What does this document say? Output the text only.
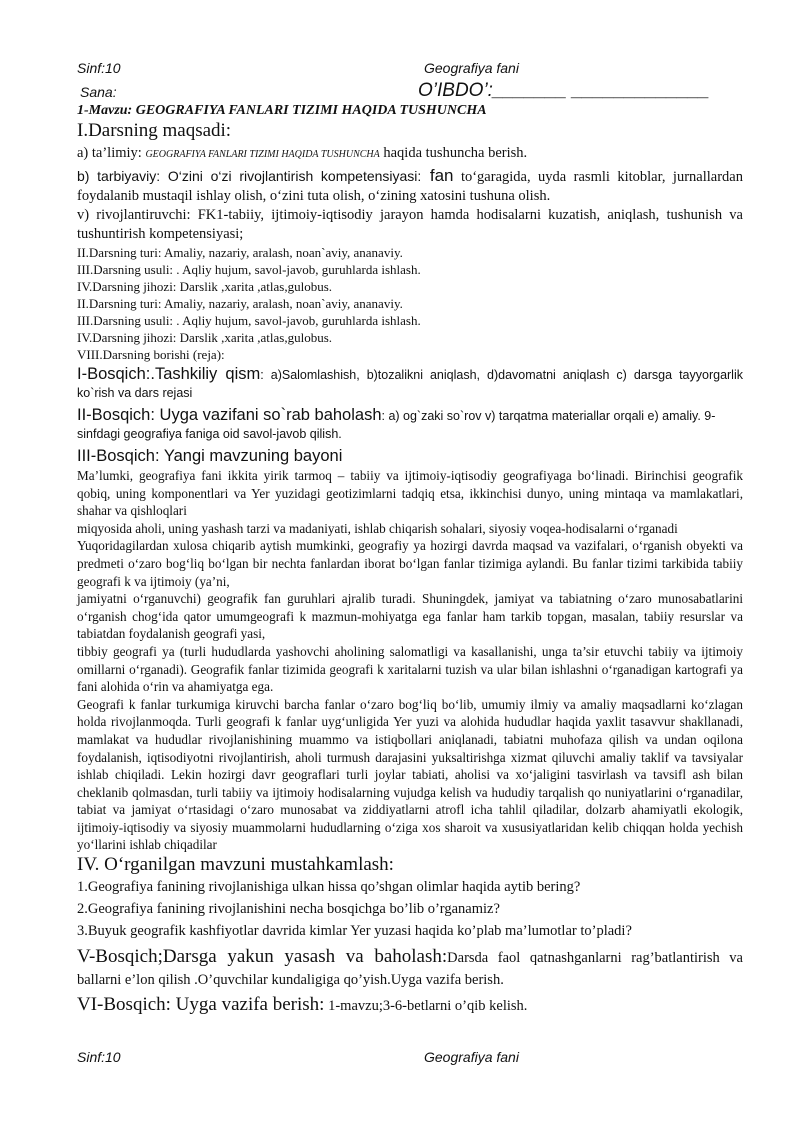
Sinf:10	Geografiya fani
Sana:	O’IBDO’:_______ _____________
1-Mavzu: GEOGRAFIYA FANLARI TIZIMI HAQIDA TUSHUNCHA
I.Darsning maqsadi:
a) ta’limiy: GEOGRAFIYA FANLARI TIZIMI HAQIDA TUSHUNCHA haqida tushuncha berish.
b) tarbiyaviy: O‘zini o‘zi rivojlantirish kompetensiyasi: fan to‘garagida, uyda rasmli kitoblar, jurnallardan foydalanib mustaqil ishlay olish, o‘zini tuta olish, o‘zining xatosini tushuna olish.
v) rivojlantiruvchi: FK1-tabiiy, ijtimoiy-iqtisodiy jarayon hamda hodisalarni kuzatish, aniqlash, tushunish va tushuntirish kompetensiyasi;
II.Darsning turi: Amaliy, nazariy, aralash, noan`aviy, ananaviy.
III.Darsning usuli: . Aqliy hujum, savol-javob, guruhlarda ishlash.
IV.Darsning jihozi: Darslik ,xarita ,atlas,gulobus.
II.Darsning turi: Amaliy, nazariy, aralash, noan`aviy, ananaviy.
III.Darsning usuli: . Aqliy hujum, savol-javob, guruhlarda ishlash.
IV.Darsning jihozi: Darslik ,xarita ,atlas,gulobus.
VIII.Darsning borishi (reja):
I-Bosqich:.Tashkiliy qism: a)Salomlashish, b)tozalikni aniqlash, d)davomatni aniqlash c) darsga tayyorgarlik ko`rish va dars rejasi
II-Bosqich: Uyga vazifani so`rab baholash: a) og`zaki so`rov v) tarqatma materiallar orqali e) amaliy. 9-sinfdagi geografiya faniga oid savol-javob qilish.
III-Bosqich: Yangi mavzuning bayoni
Ma’lumki, geografiya fani ikkita yirik tarmoq – tabiiy va ijtimoiy-iqtisodiy geografiyaga bo‘linadi. Birinchisi geografik qobiq, uning komponentlari va Yer yuzidagi geotizimlarni tadqiq etsa, ikkinchisi dunyo, uning mintaqa va mamlakatlari, shahar va qishloqlari
miqyosida aholi, uning yashash tarzi va madaniyati, ishlab chiqarish sohalari, siyosiy voqea-hodisalarni o‘rganadi
Yuqoridagilardan xulosa chiqarib aytish mumkinki, geografiy ya hozirgi davrda maqsad va vazifalari, o‘rganish obyekti va predmeti o‘zaro bog‘liq bo‘lgan bir nechta fanlardan iborat bo‘lgan fanlar tizimiga aylandi. Bu fanlar tizimi tarkibida tabiiy geografi k va ijtimoiy (ya’ni,
jamiyatni o‘rganuvchi) geografik fan guruhlari ajralib turadi. Shuningdek, jamiyat va tabiatning o‘zaro munosabatlarini o‘rganish chog‘ida qator umumgeografi k mazmun-mohiyatga ega fanlar ham tarkib topgan, masalan, tabiiy resurslar va tabiatdan foydalanish geografi yasi,
tibbiy geografi ya (turli hududlarda yashovchi aholining salomatligi va kasallanishi, unga ta’sir etuvchi tabiiy va ijtimoiy omillarni o‘rganadi). Geografik fanlar tizimida geografi k xaritalarni tuzish va ular bilan ishlashni o‘rganadigan kartografi ya fani alohida o‘rin va ahamiyatga ega.
Geografi k fanlar turkumiga kiruvchi barcha fanlar o‘zaro bog‘liq bo‘lib, umumiy ilmiy va amaliy maqsadlarni ko‘zlagan holda rivojlanmoqda. Turli geografi k fanlar uyg‘unligida Yer yuzi va alohida hududlar haqida yaxlit tasavvur shakllanadi, mamlakat va hududlar rivojlanishining muammo va istiqbollari aniqlanadi, tabiatni muhofaza qilish va undan oqilona foydalanish, iqtisodiyotni rivojlantirish, aholi turmush darajasini yuksaltirishga xizmat qiluvchi amaliy taklif va tavsiyalar ishlab chiqiladi. Lekin hozirgi davr geograflari turli joylar tabiati, aholisi va xo‘jaligini tasvirlash va tavsifl ash bilan cheklanib qolmasdan, turli tabiiy va ijtimoiy hodisalarning vujudga kelish va hududiy tarqalish qo nuniyatlarini o‘rganadilar, tabiat va jamiyat o‘rtasidagi o‘zaro munosabat va ziddiyatlarni atrofl icha tahlil qiladilar, dolzarb ahamiyatli ekologik, ijtimoiy-iqtisodiy va siyosiy muammolarni hududlarning o‘ziga xos sharoit va xususiyatlaridan kelib chiqqan holda yechish yo‘llarini ishlab chiqadilar
IV. O‘rganilgan mavzuni mustahkamlash:
1.Geografiya fanining rivojlanishiga ulkan hissa qo’shgan olimlar haqida aytib bering?
2.Geografiya fanining rivojlanishini necha bosqichga bo’lib o’rganamiz?
3.Buyuk geografik kashfiyotlar davrida kimlar Yer yuzasi haqida ko’plab ma’lumotlar to’pladi?
V-Bosqich;Darsga yakun yasash va baholash:Darsda faol qatnashganlarni rag’batlantirish va ballarni e’lon qilish .O’quvchilar kundaligiga qo’yish.Uyga vazifa berish.
VI-Bosqich: Uyga vazifa berish: 1-mavzu;3-6-betlarni o’qib kelish.
Sinf:10	Geografiya fani
